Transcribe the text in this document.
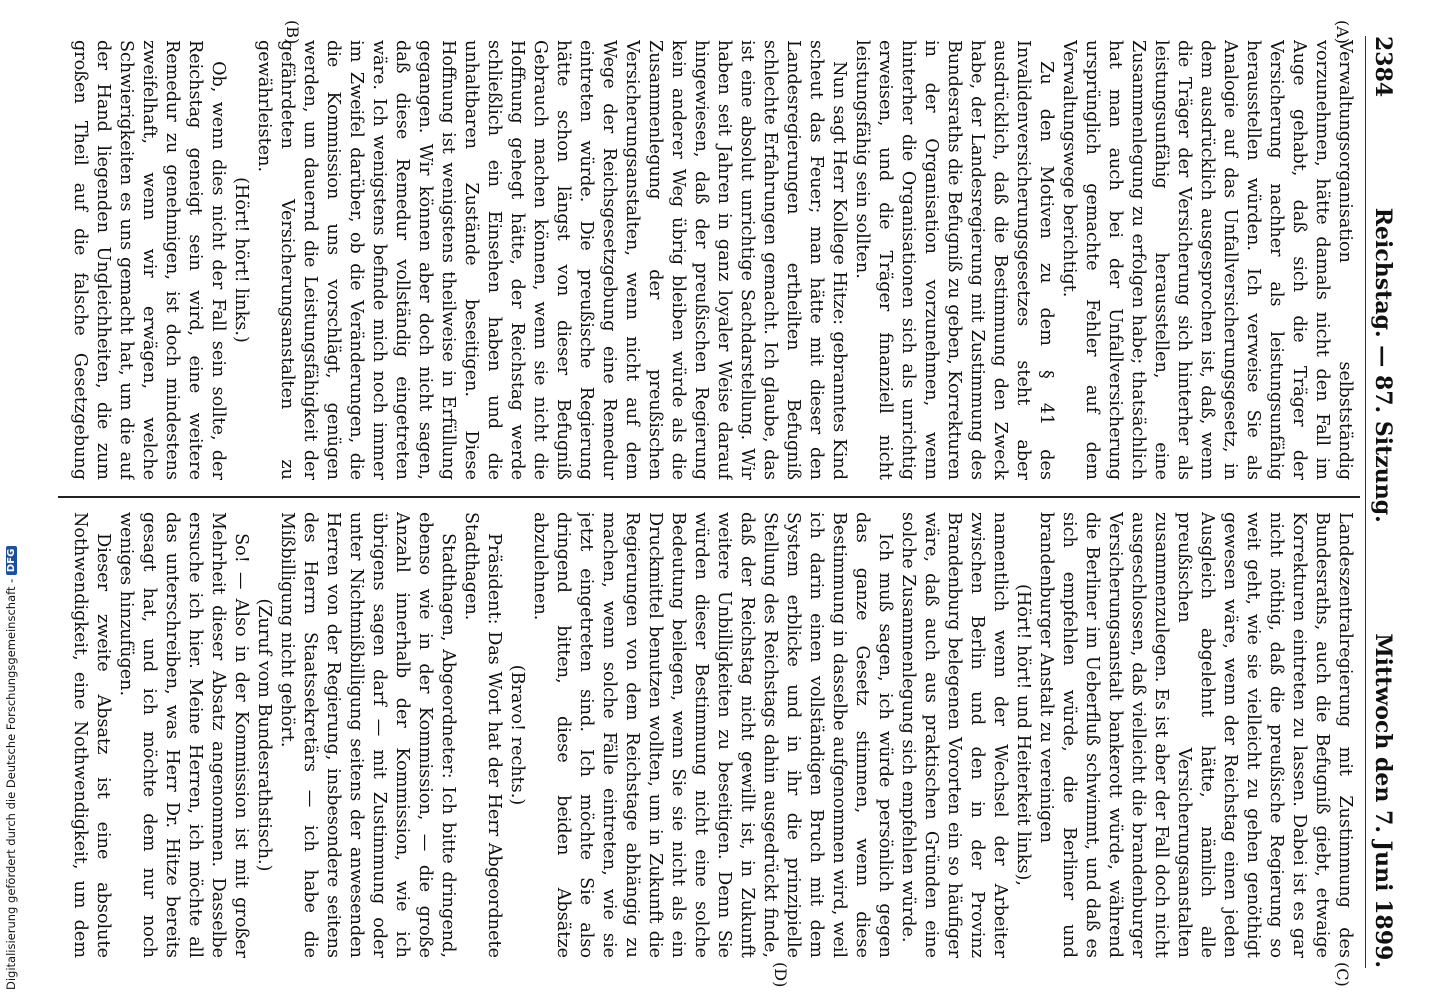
Digitalisierung gefördert durch die Deutsche Forschungsgemeinschaft - DFG
2384
Reichstag. — 87. Sitzung.
Mittwoch den 7. Juni 1899.
(A)
(B)
(C)
(D)

Verwaltungsorganisation selbstständig vorzunehmen, hätte damals nicht den Fall im Auge gehabt, daß sich die Träger der Versicherung nachher als leistungsunfähig herausstellen würden. Ich verweise Sie als Analogie auf das Unfallversicherungsgesetz, in dem ausdrücklich ausgesprochen ist, daß, wenn die Träger der Versicherung sich hinterher als leistungsunfähig herausstellen, eine Zusammenlegung zu erfolgen habe; thatsächlich hat man auch bei der Unfallversicherung ursprünglich gemachte Fehler auf dem Verwaltungswege berichtigt.

Zu den Motiven zu dem § 41 des Invalidenversicherungsgesetzes steht aber ausdrücklich, daß die Bestimmung den Zweck habe, der Landesregierung mit Zustimmung des Bundesraths die Befugniß zu geben, Korrekturen in der Organisation vorzunehmen, wenn hinterher die Organisationen sich als unrichtig erweisen, und die Träger finanziell nicht leistungsfähig sein sollten.

Nun sagt Herr Kollege Hitze: gebranntes Kind scheut das Feuer; man hätte mit dieser den Landesregierungen ertheilten Befugniß schlechte Erfahrungen gemacht. Ich glaube, das ist eine absolut unrichtige Sachdarstellung. Wir haben seit Jahren in ganz loyaler Weise darauf hingewiesen, daß der preußischen Regierung kein anderer Weg übrig bleiben würde als die Zusammenlegung der preußischen Versicherungsanstalten, wenn nicht auf dem Wege der Reichsgesetzgebung eine Remedur eintreten würde. Die preußische Regierung hätte schon längst von dieser Befugniß Gebrauch machen können, wenn sie nicht die Hoffnung gehegt hätte, der Reichstag werde schließlich ein Einsehen haben und die unhaltbaren Zustände beseitigen. Diese Hoffnung ist wenigstens theilweise in Erfüllung gegangen. Wir können aber doch nicht sagen, daß diese Remedur vollständig eingetreten wäre. Ich wenigstens befinde mich noch immer im Zweifel darüber, ob die Veränderungen, die die Kommission uns vorschlägt, genügen werden, um dauernd die Leistungsfähigkeit der gefährdeten Versicherungsanstalten zu gewährleisten.

(Hört! hört! links.)

Ob, wenn dies nicht der Fall sein sollte, der Reichstag geneigt sein wird, eine weitere Remedur zu genehmigen, ist doch mindestens zweifelhaft, wenn wir erwägen, welche Schwierigkeiten es uns gemacht hat, um die auf der Hand liegenden Ungleichheiten, die zum großen Theil auf die falsche Gesetzgebung

Landeszentralregierung mit Zustimmung des Bundesraths, auch die Befugniß giebt, etwaige Korrekturen eintreten zu lassen. Dabei ist es gar nicht nöthig, daß die preußische Regierung so weit geht, wie sie vielleicht zu gehen genöthigt gewesen wäre, wenn der Reichstag einen jeden Ausgleich abgelehnt hätte, nämlich alle preußischen Versicherungsanstalten zusammenzulegen. Es ist aber der Fall doch nicht ausgeschlossen, daß vielleicht die brandenburger Versicherungsanstalt bankerott würde, während die Berliner im Ueberfluß schwimmt, und daß es sich empfehlen würde, die Berliner und brandenburger Anstalt zu vereinigen

(Hört! hört! und Heiterkeit links),

namentlich wenn der Wechsel der Arbeiter zwischen Berlin und den in der Provinz Brandenburg belegenen Vororten ein so häufiger wäre, daß auch aus praktischen Gründen eine solche Zusammenlegung sich empfehlen würde.

Ich muß sagen, ich würde persönlich gegen das ganze Gesetz stimmen, wenn diese Bestimmung in dasselbe aufgenommen wird, weil ich darin einen vollständigen Bruch mit dem System erblicke und in ihr die prinzipielle Stellung des Reichstags dahin ausgedrückt finde, daß der Reichstag nicht gewillt ist, in Zukunft weitere Unbilligkeiten zu beseitigen. Denn Sie würden dieser Bestimmung nicht eine solche Bedeutung beilegen, wenn Sie sie nicht als ein Druckmittel benutzen wollten, um in Zukunft die Regierungen von dem Reichstage abhängig zu machen, wenn solche Fälle eintreten, wie sie jetzt eingetreten sind. Ich möchte Sie also dringend bitten, diese beiden Absätze abzulehnen.

(Bravo! rechts.)

Präsident: Das Wort hat der Herr Abgeordnete Stadthagen.

Stadthagen, Abgeordneter: Ich bitte dringend, ebenso wie in der Kommission, — die große Anzahl innerhalb der Kommission, wie ich übrigens sagen darf — mit Zustimmung oder unter Nichtmißbilligung seitens der anwesenden Herren von der Regierung, insbesondere seitens des Herrn Staatssekretärs — ich habe die Mißbilligung nicht gehört.

(Zuruf vom Bundesrathstisch.)

So! — Also in der Kommission ist mit großer Mehrheit dieser Absatz angenommen. Dasselbe ersuche ich hier. Meine Herren, ich möchte all das unterschreiben, was Herr Dr. Hitze bereits gesagt hat, und ich möchte dem nur noch weniges hinzufügen.

Dieser zweite Absatz ist eine absolute Nothwendigkeit, eine Nothwendigkeit, um dem
